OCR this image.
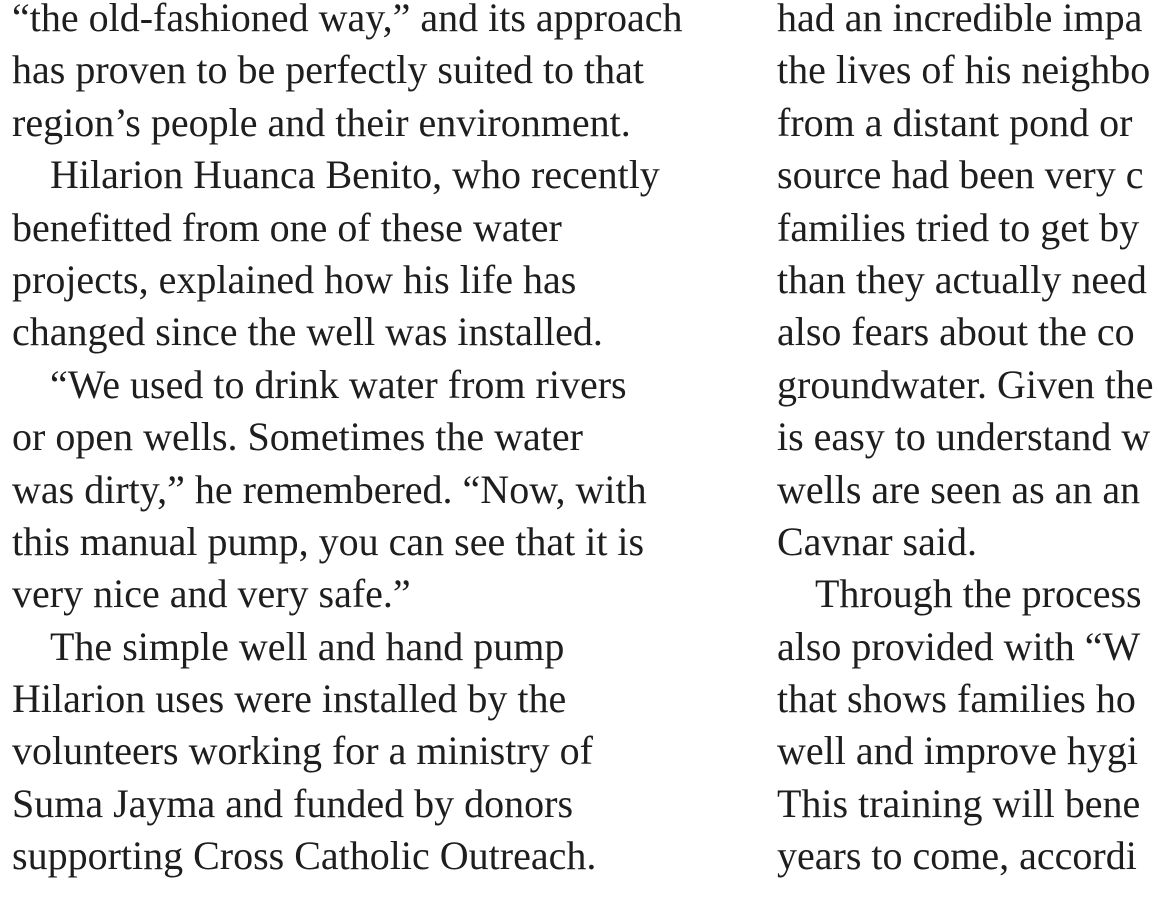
“the old-fashioned way,” and its approach
has proven to be perfectly suited to that
region’s people and their environment.
Hilarion Huanca Benito, who recently
benefitted from one of these water
projects, explained how his life has
changed since the well was installed.
“We used to drink water from rivers
or open wells. Sometimes the water
was dirty,” he remembered. “Now, with
this manual pump, you can see that it is
very nice and very safe.”
The simple well and hand pump
Hilarion uses were installed by the
volunteers working for a ministry of
Suma Jayma and funded by donors
supporting Cross Catholic Outreach.
had an incredible impa
the lives of his neighbo
from a distant pond or
source had been very c
families tried to get by
than they actually need
also fears about the co
groundwater. Given the
is easy to understand w
wells are seen as an an
Cavnar said.
Through the process
also provided with “W
that shows families ho
well and improve hygi
This training will bene
years to come, accordi
